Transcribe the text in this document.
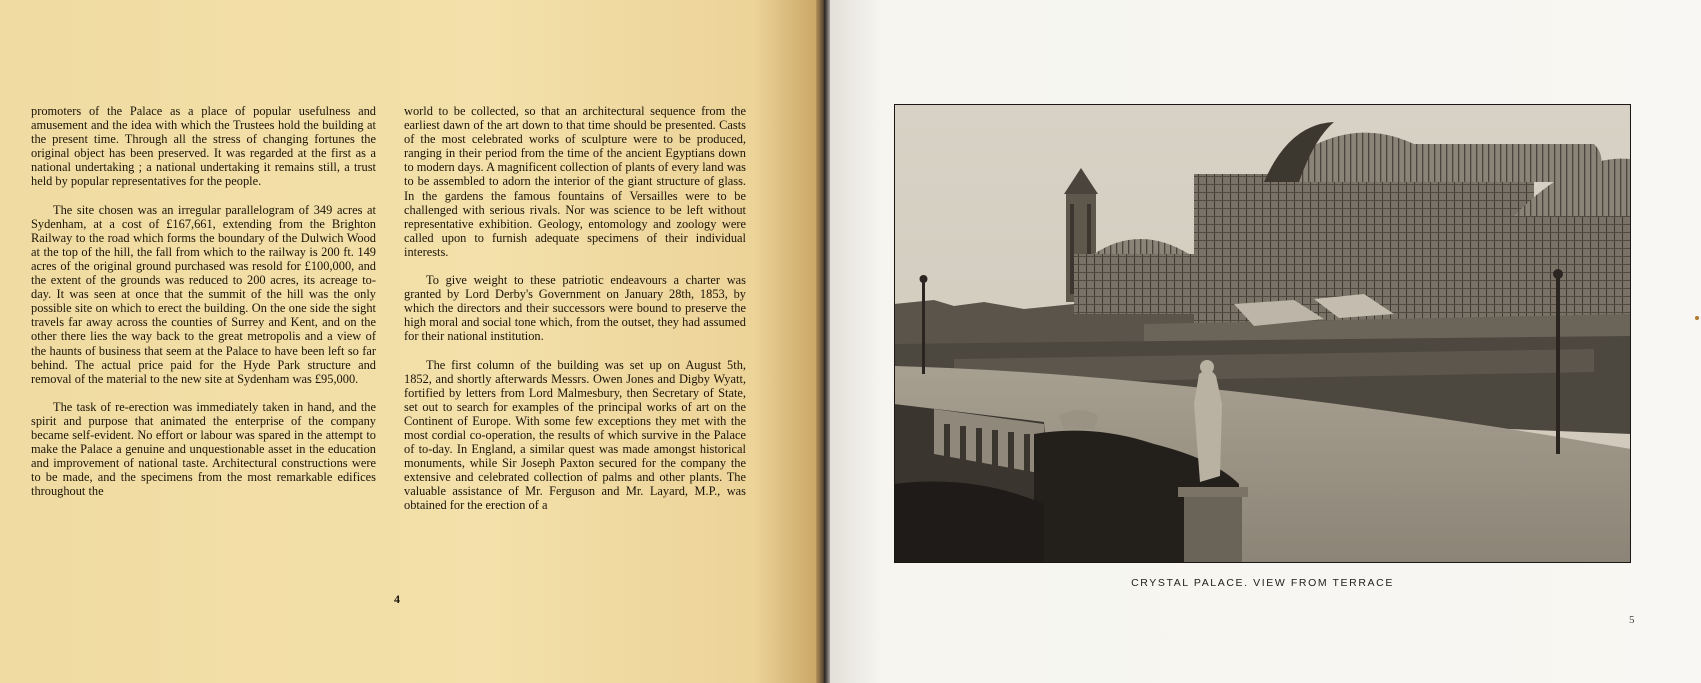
promoters of the Palace as a place of popular usefulness and amusement and the idea with which the Trustees hold the building at the present time. Through all the stress of changing fortunes the original object has been preserved. It was regarded at the first as a national undertaking ; a national undertaking it remains still, a trust held by popular representatives for the people.

The site chosen was an irregular parallelogram of 349 acres at Sydenham, at a cost of £167,661, extending from the Brighton Railway to the road which forms the boundary of the Dulwich Wood at the top of the hill, the fall from which to the railway is 200 ft. 149 acres of the original ground purchased was resold for £100,000, and the extent of the grounds was reduced to 200 acres, its acreage to-day. It was seen at once that the summit of the hill was the only possible site on which to erect the building. On the one side the sight travels far away across the counties of Surrey and Kent, and on the other there lies the way back to the great metropolis and a view of the haunts of business that seem at the Palace to have been left so far behind. The actual price paid for the Hyde Park structure and removal of the material to the new site at Sydenham was £95,000.

The task of re-erection was immediately taken in hand, and the spirit and purpose that animated the enterprise of the company became self-evident. No effort or labour was spared in the attempt to make the Palace a genuine and unquestionable asset in the education and improvement of national taste. Architectural constructions were to be made, and the specimens from the most remarkable edifices throughout the

world to be collected, so that an architectural sequence from the earliest dawn of the art down to that time should be presented. Casts of the most celebrated works of sculpture were to be produced, ranging in their period from the time of the ancient Egyptians down to modern days. A magnificent collection of plants of every land was to be assembled to adorn the interior of the giant structure of glass. In the gardens the famous fountains of Versailles were to be challenged with serious rivals. Nor was science to be left without representative exhibition. Geology, entomology and zoology were called upon to furnish adequate specimens of their individual interests.

To give weight to these patriotic endeavours a charter was granted by Lord Derby's Government on January 28th, 1853, by which the directors and their successors were bound to preserve the high moral and social tone which, from the outset, they had assumed for their national institution.

The first column of the building was set up on August 5th, 1852, and shortly afterwards Messrs. Owen Jones and Digby Wyatt, fortified by letters from Lord Malmesbury, then Secretary of State, set out to search for examples of the principal works of art on the Continent of Europe. With some few exceptions they met with the most cordial co-operation, the results of which survive in the Palace of to-day. In England, a similar quest was made amongst historical monuments, while Sir Joseph Paxton secured for the company the extensive and celebrated collection of palms and other plants. The valuable assistance of Mr. Ferguson and Mr. Layard, M.P., was obtained for the erection of a

4
CRYSTAL PALACE. VIEW FROM TERRACE
5
